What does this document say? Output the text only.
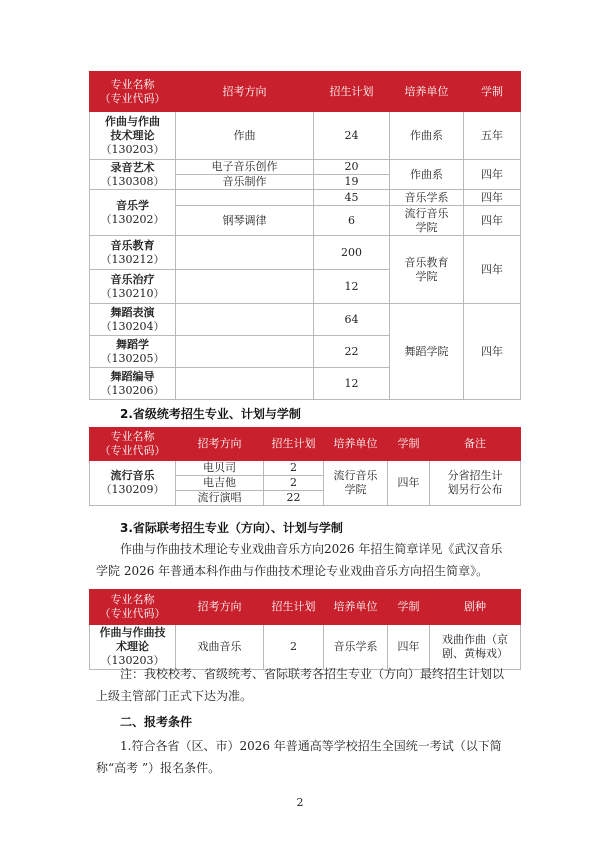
专业名称
（专业代码）	招考方向	招生计划	培养单位	学制

作曲与作曲
技术理论
（130203）	作曲	24	作曲系	五年

录音艺术
（130308）	电子音乐创作	20	作曲系	四年
	音乐制作	19		

音乐学
（130202）		45	音乐学系	四年
	钢琴调律	6	流行音乐
学院	四年

音乐教育
（130212）		200	音乐教育
学院	四年

音乐治疗
（130210）		12		

舞蹈表演
（130204）		64	舞蹈学院	四年

舞蹈学
（130205）		22		

舞蹈编导
（130206）		12		
2.省级统考招生专业、计划与学制
专业名称
（专业代码）	招考方向	招生计划	培养单位	学制	备注

流行音乐
（130209）	电贝司	2	流行音乐
学院	四年	分省招生计
划另行公布
	电吉他	2			
	流行演唱	22			
3.省际联考招生专业（方向）、计划与学制
作曲与作曲技术理论专业戏曲音乐方向2026 年招生简章详见《武汉音乐
学院 2026 年普通本科作曲与作曲技术理论专业戏曲音乐方向招生简章》。
专业名称
（专业代码）	招考方向	招生计划	培养单位	学制	剧种

作曲与作曲技
术理论
（130203）	戏曲音乐	2	音乐学系	四年	戏曲作曲（京
剧、黄梅戏）
注：我校校考、省级统考、省际联考各招生专业（方向）最终招生计划以
上级主管部门正式下达为准。
二、报考条件
1.符合各省（区、市）2026 年普通高等学校招生全国统一考试（以下简
称“高考 ”）报名条件。
2
